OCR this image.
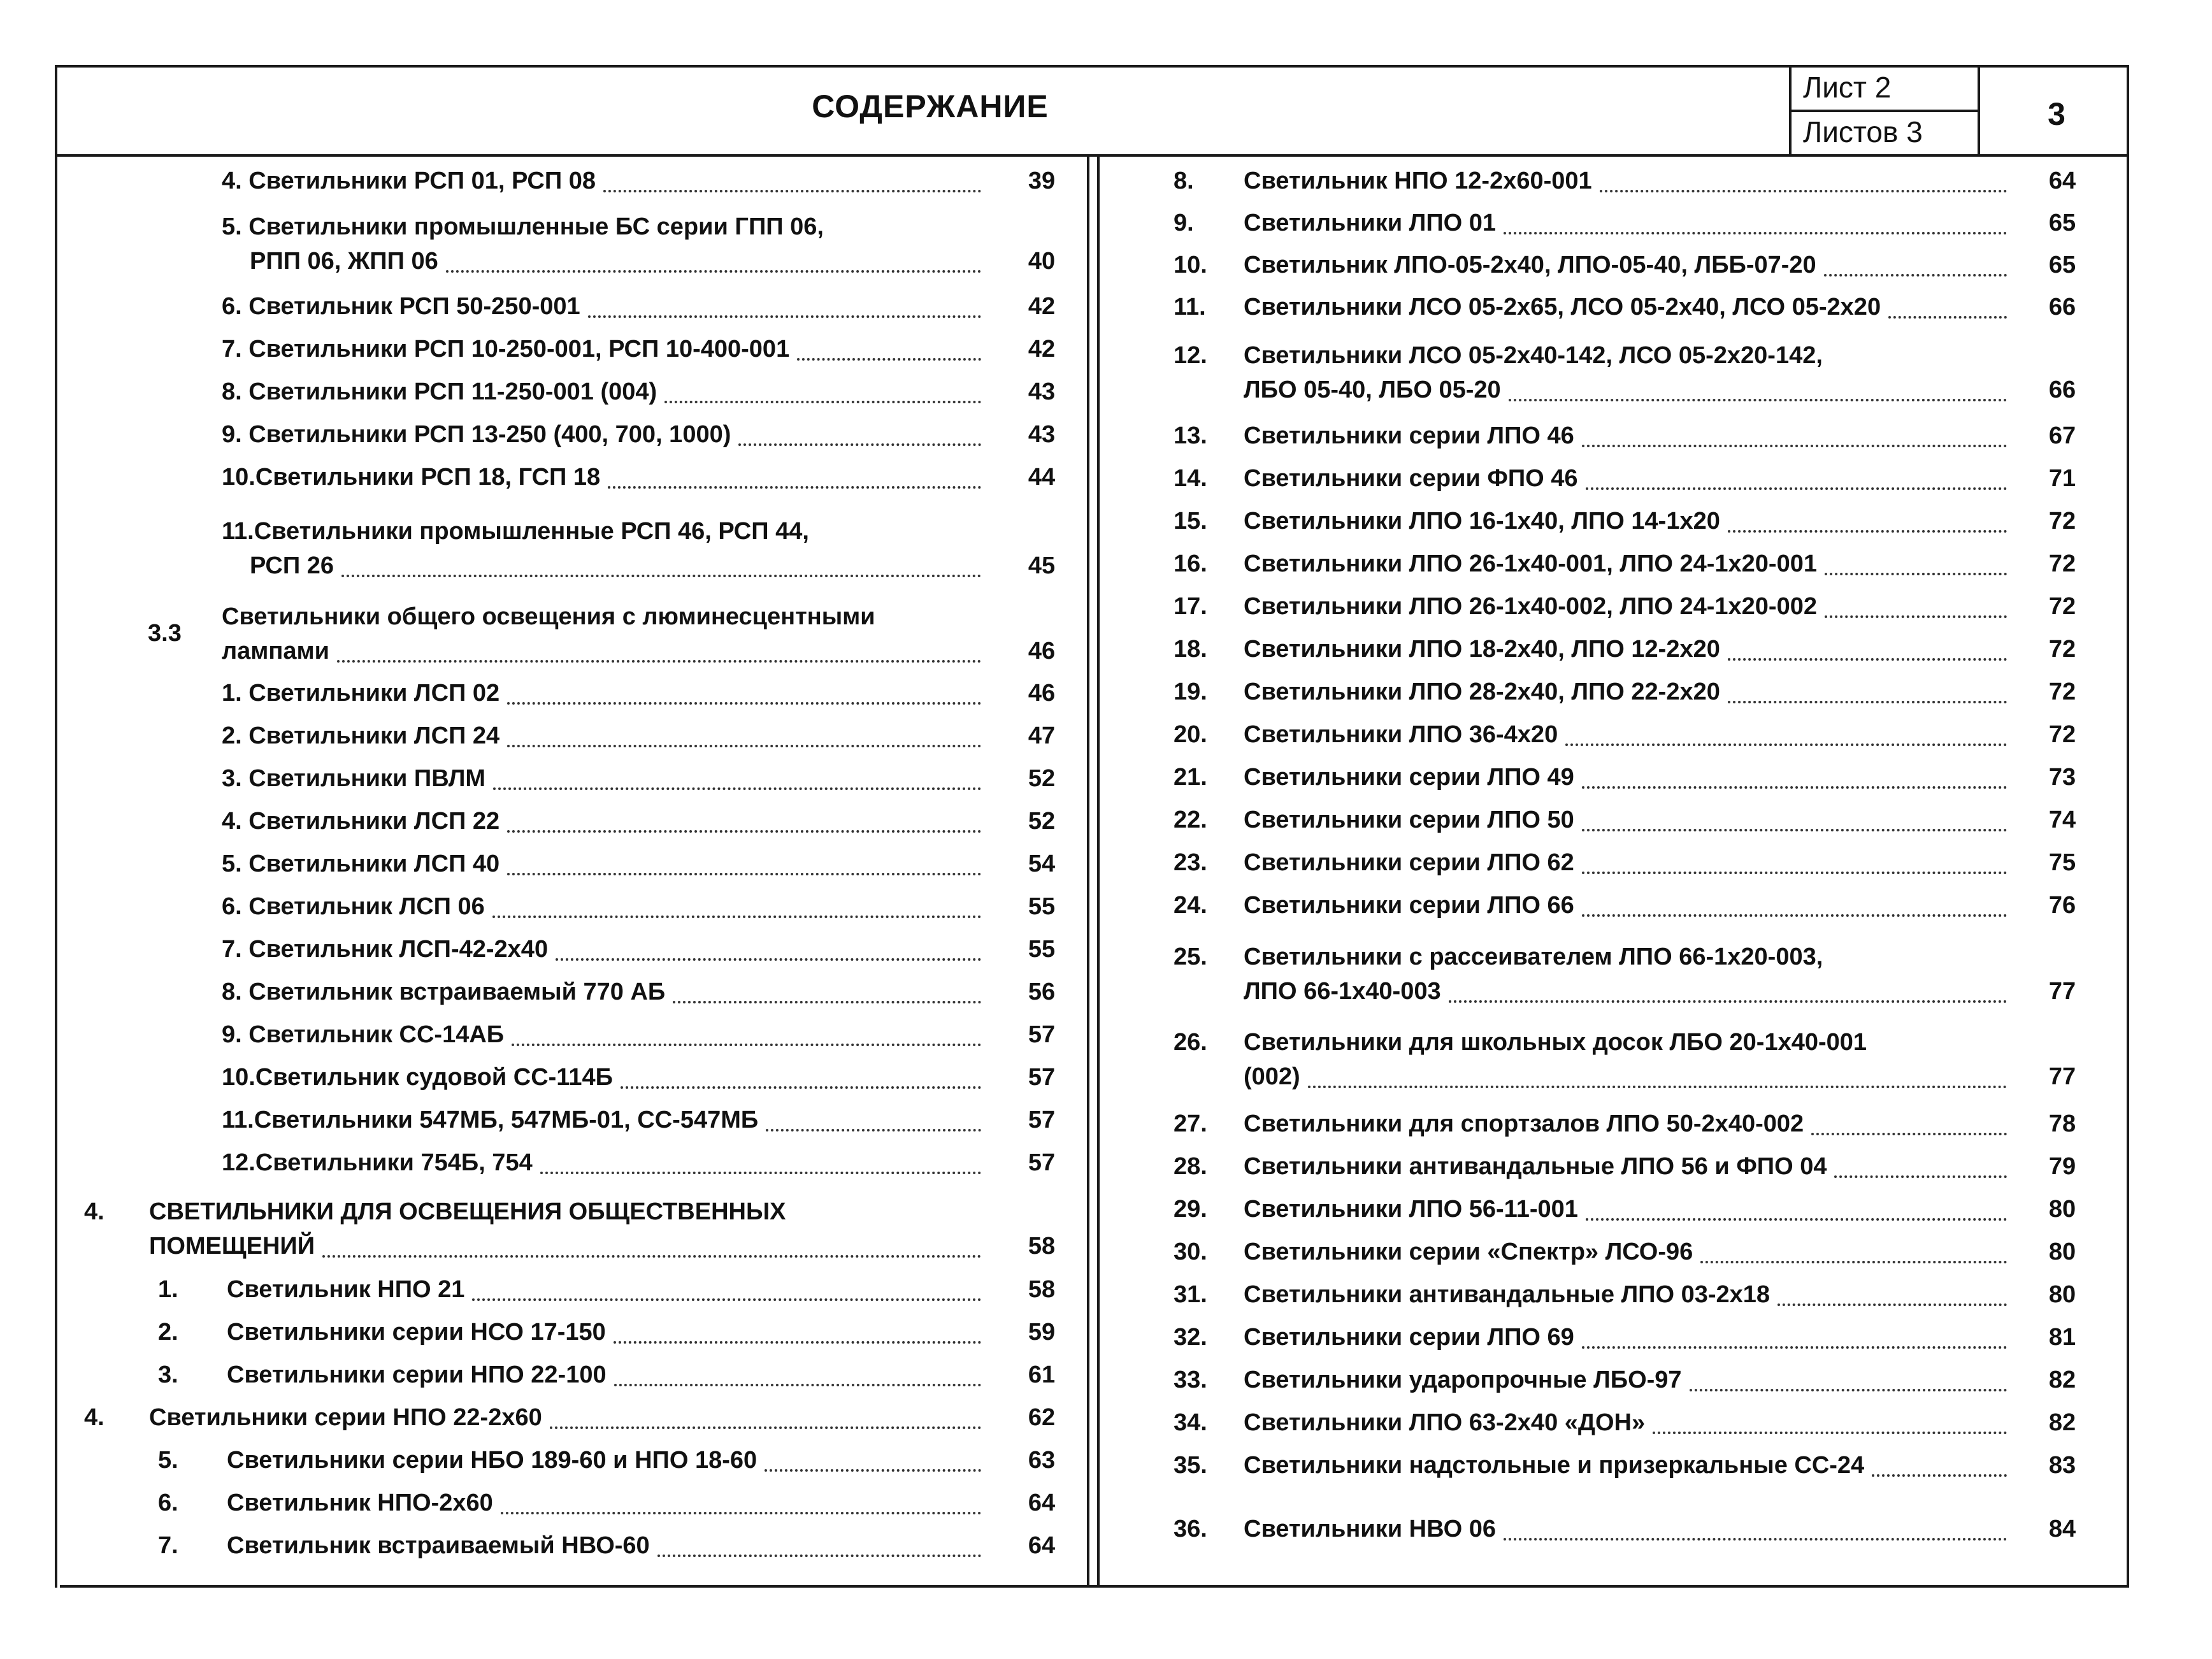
СОДЕРЖАНИЕ
Лист 2
Листов 3	3
4. Светильники РСП 01, РСП 08	39
5. Светильники промышленные БС серии ГПП 06,
РПП 06, ЖПП 06	40
6. Светильник РСП 50-250-001	42
7. Светильники РСП 10-250-001, РСП 10-400-001	42
8. Светильники РСП 11-250-001 (004)	43
9. Светильники РСП 13-250 (400, 700, 1000)	43
10.Светильники РСП 18, ГСП 18	44
11.Светильники промышленные РСП 46, РСП 44,
РСП 26	45
3.3
Светильники общего освещения с люминесцентными
лампами	46
1. Светильники ЛСП 02	46
2. Светильники ЛСП 24	47
3. Светильники ПВЛМ	52
4. Светильники ЛСП 22	52
5. Светильники ЛСП 40	54
6. Светильник ЛСП 06	55
7. Светильник ЛСП-42-2х40	55
8. Светильник встраиваемый 770 АБ	56
9. Светильник СС-14АБ	57
10.Светильник судовой СС-114Б	57
11.Светильники 547МБ, 547МБ-01, СС-547МБ	57
12.Светильники 754Б, 754	57
4. СВЕТИЛЬНИКИ ДЛЯ ОСВЕЩЕНИЯ ОБЩЕСТВЕННЫХ
ПОМЕЩЕНИЙ	58
1. Светильник НПО 21	58
2. Светильники серии НСО 17-150	59
3. Светильники серии НПО 22-100	61
4. Светильники серии НПО 22-2х60	62
5. Светильники серии НБО 189-60 и НПО 18-60	63
6. Светильник НПО-2х60	64
7. Светильник встраиваемый НВО-60	64
8. Светильник НПО 12-2х60-001	64
9. Светильники ЛПО 01	65
10. Светильник ЛПО-05-2х40, ЛПО-05-40, ЛББ-07-20	65
11. Светильники ЛСО 05-2х65, ЛСО 05-2х40, ЛСО 05-2х20	66
12. Светильники ЛСО 05-2х40-142, ЛСО 05-2х20-142,
ЛБО 05-40, ЛБО 05-20	66
13. Светильники серии ЛПО 46	67
14. Светильники серии ФПО 46	71
15. Светильники ЛПО 16-1х40, ЛПО 14-1х20	72
16. Светильники ЛПО 26-1х40-001, ЛПО 24-1х20-001	72
17. Светильники ЛПО 26-1х40-002, ЛПО 24-1х20-002	72
18. Светильники ЛПО 18-2х40, ЛПО 12-2х20	72
19. Светильники ЛПО 28-2х40, ЛПО 22-2х20	72
20. Светильники ЛПО 36-4х20	72
21. Светильники серии ЛПО 49	73
22. Светильники серии ЛПО 50	74
23. Светильники серии ЛПО 62	75
24. Светильники серии ЛПО 66	76
25. Светильники с рассеивателем ЛПО 66-1х20-003,
ЛПО 66-1х40-003	77
26. Светильники для школьных досок ЛБО 20-1х40-001
(002)	77
27. Светильники для спортзалов ЛПО 50-2х40-002	78
28. Светильники антивандальные ЛПО 56 и ФПО 04	79
29. Светильники ЛПО 56-11-001	80
30. Светильники серии «Спектр» ЛСО-96	80
31. Светильники антивандальные ЛПО 03-2х18	80
32. Светильники серии ЛПО 69	81
33. Светильники ударопрочные ЛБО-97	82
34. Светильники ЛПО 63-2х40 «ДОН»	82
35. Светильники надстольные и призеркальные СС-24	83
36. Светильники НВО 06	84
